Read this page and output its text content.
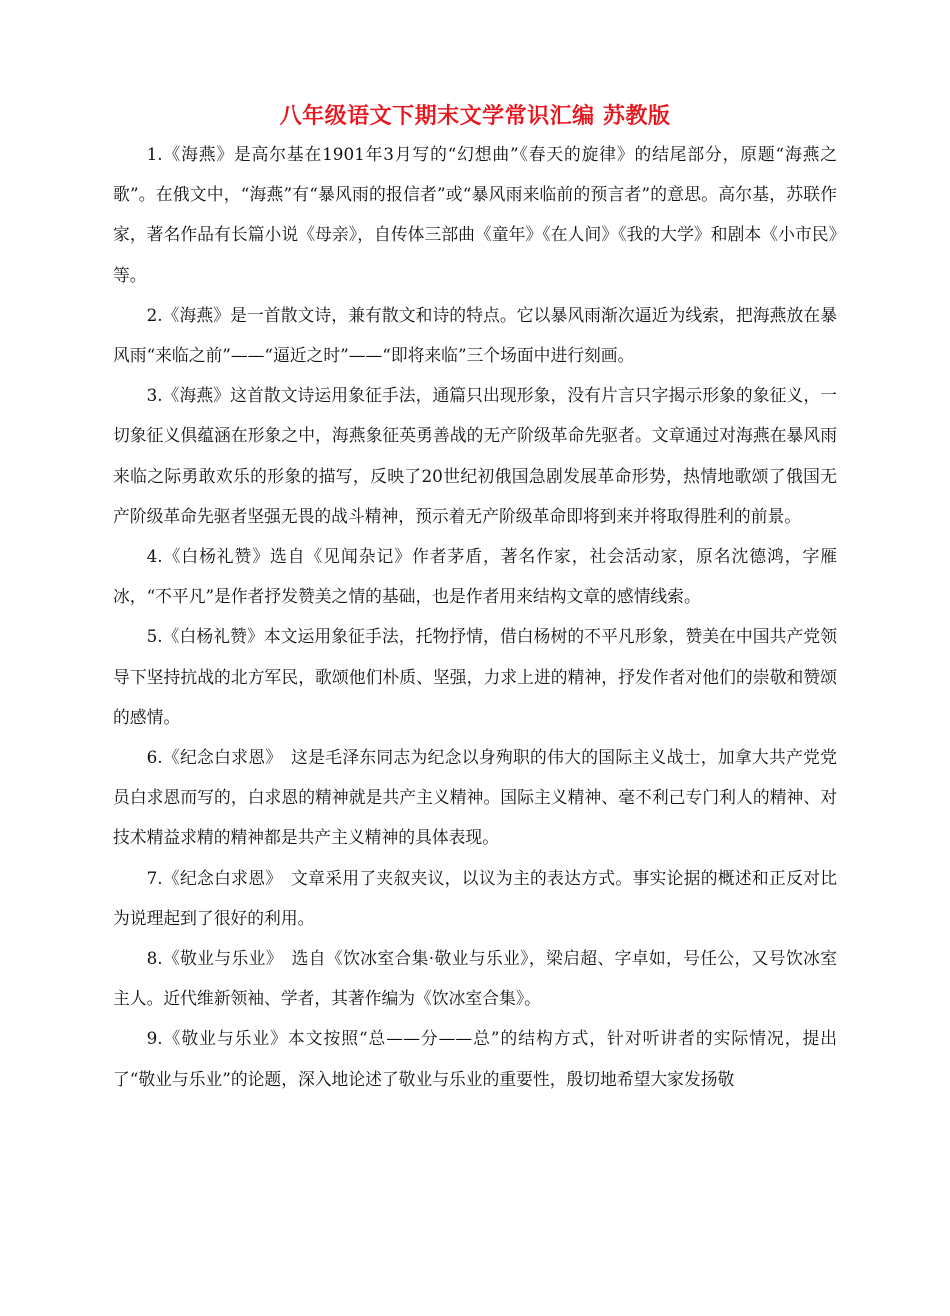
八年级语文下期末文学常识汇编 苏教版

1.《海燕》是高尔基在1901年3月写的“幻想曲”《春天的旋律》的结尾部分，原题“海燕之歌”。在俄文中，“海燕”有“暴风雨的报信者”或“暴风雨来临前的预言者”的意思。高尔基，苏联作家，著名作品有长篇小说《母亲》，自传体三部曲《童年》《在人间》《我的大学》和剧本《小市民》等。

2.《海燕》是一首散文诗，兼有散文和诗的特点。它以暴风雨渐次逼近为线索，把海燕放在暴风雨“来临之前”——“逼近之时”——“即将来临”三个场面中进行刻画。

3.《海燕》这首散文诗运用象征手法，通篇只出现形象，没有片言只字揭示形象的象征义，一切象征义俱蕴涵在形象之中，海燕象征英勇善战的无产阶级革命先驱者。文章通过对海燕在暴风雨来临之际勇敢欢乐的形象的描写，反映了20世纪初俄国急剧发展革命形势，热情地歌颂了俄国无产阶级革命先驱者坚强无畏的战斗精神，预示着无产阶级革命即将到来并将取得胜利的前景。

4.《白杨礼赞》选自《见闻杂记》作者茅盾，著名作家，社会活动家，原名沈德鸿，字雁冰，“不平凡”是作者抒发赞美之情的基础，也是作者用来结构文章的感情线索。

5.《白杨礼赞》本文运用象征手法，托物抒情，借白杨树的不平凡形象，赞美在中国共产党领导下坚持抗战的北方军民，歌颂他们朴质、坚强，力求上进的精神，抒发作者对他们的崇敬和赞颂的感情。

6.《纪念白求恩》　这是毛泽东同志为纪念以身殉职的伟大的国际主义战士，加拿大共产党党员白求恩而写的，白求恩的精神就是共产主义精神。国际主义精神、毫不利己专门利人的精神、对技术精益求精的精神都是共产主义精神的具体表现。

7.《纪念白求恩》　文章采用了夹叙夹议，以议为主的表达方式。事实论据的概述和正反对比为说理起到了很好的利用。

8.《敬业与乐业》　选自《饮冰室合集·敬业与乐业》，梁启超、字卓如，号任公，又号饮冰室主人。近代维新领袖、学者，其著作编为《饮冰室合集》。

9.《敬业与乐业》本文按照“总——分——总”的结构方式，针对听讲者的实际情况，提出了“敬业与乐业”的论题，深入地论述了敬业与乐业的重要性，殷切地希望大家发扬敬
